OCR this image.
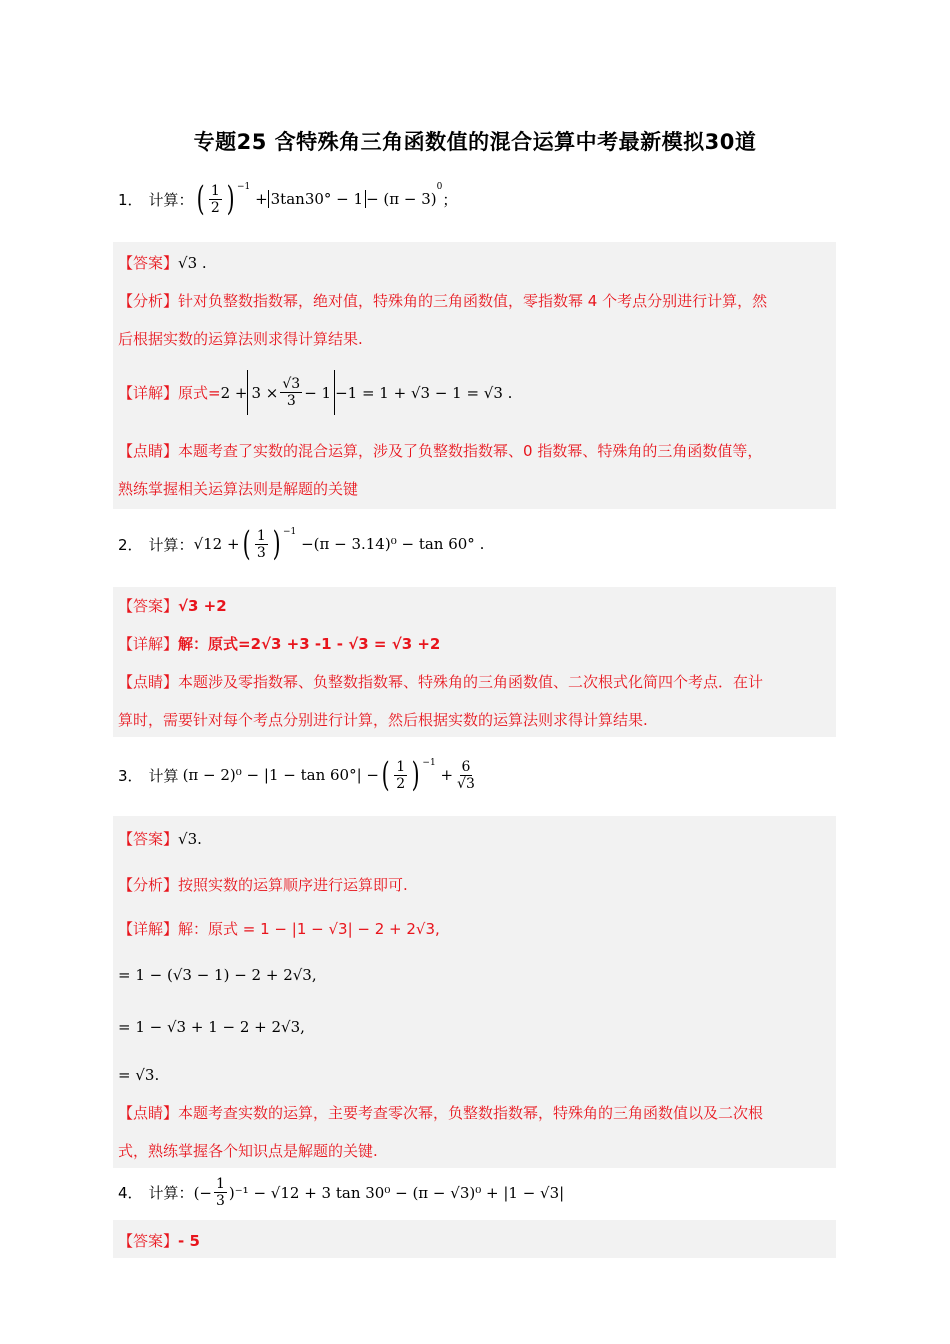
专题25 含特殊角三角函数值的混合运算中考最新模拟30道
1． 计算： ( $\frac{1}{2}$ ) $^{-1}$
+ 3tan30° − 1 − (π − 3)
$^0$
；
【答案】 √3 .
【分析】 针对负整数指数幂，绝对值，特殊角的三角函数值，零指数幂 4 个考点分别进行计算，然
后根据实数的运算法则求得计算结果.
【详解】 原式= $2 + 3 \times \frac{√3}{3} - 1 -1 = 1 + √3 - 1 = √3$ .
【点睛】 本题考查了实数的混合运算，涉及了负整数指数幂、0 指数幂、特殊角的三角函数值等，
熟练掌握相关运算法则是解题的关键
2． 计算： √12 + ( $\frac{1}{3}$ ) $^{-1}$

−(π − 3.14)⁰ − tan 60° .
【答案】 √3 +2
【详解】 解：原式=2√3 +3 -1 - √3 = √3 +2
【点睛】 本题涉及零指数幂、负整数指数幂、特殊角的三角函数值、二次根式化简四个考点．在计
算时，需要针对每个考点分别进行计算，然后根据实数的运算法则求得计算结果.
3． 计算 (π − 2)⁰ − |1 − tan 60°| − ( $\frac{1}{2}$ ) $^{-1}$
+ $\frac{6}{√3}$
【答案】 √3.
【分析】 按照实数的运算顺序进行运算即可.
【详解】 解：原式 = 1 − |1 − √3| − 2 + 2√3,
= 1 − (√3 − 1) − 2 + 2√3,
= 1 − √3 + 1 − 2 + 2√3,
= √3.
【点睛】 本题考查实数的运算，主要考查零次幂，负整数指数幂，特殊角的三角函数值以及二次根
式，熟练掌握各个知识点是解题的关键.
4． 计算： (− $\frac{1}{3} )^{-1} - √12 + 3$ tan 30⁰ − (π − √3)⁰ + |1 − √3|
【答案】 - 5
